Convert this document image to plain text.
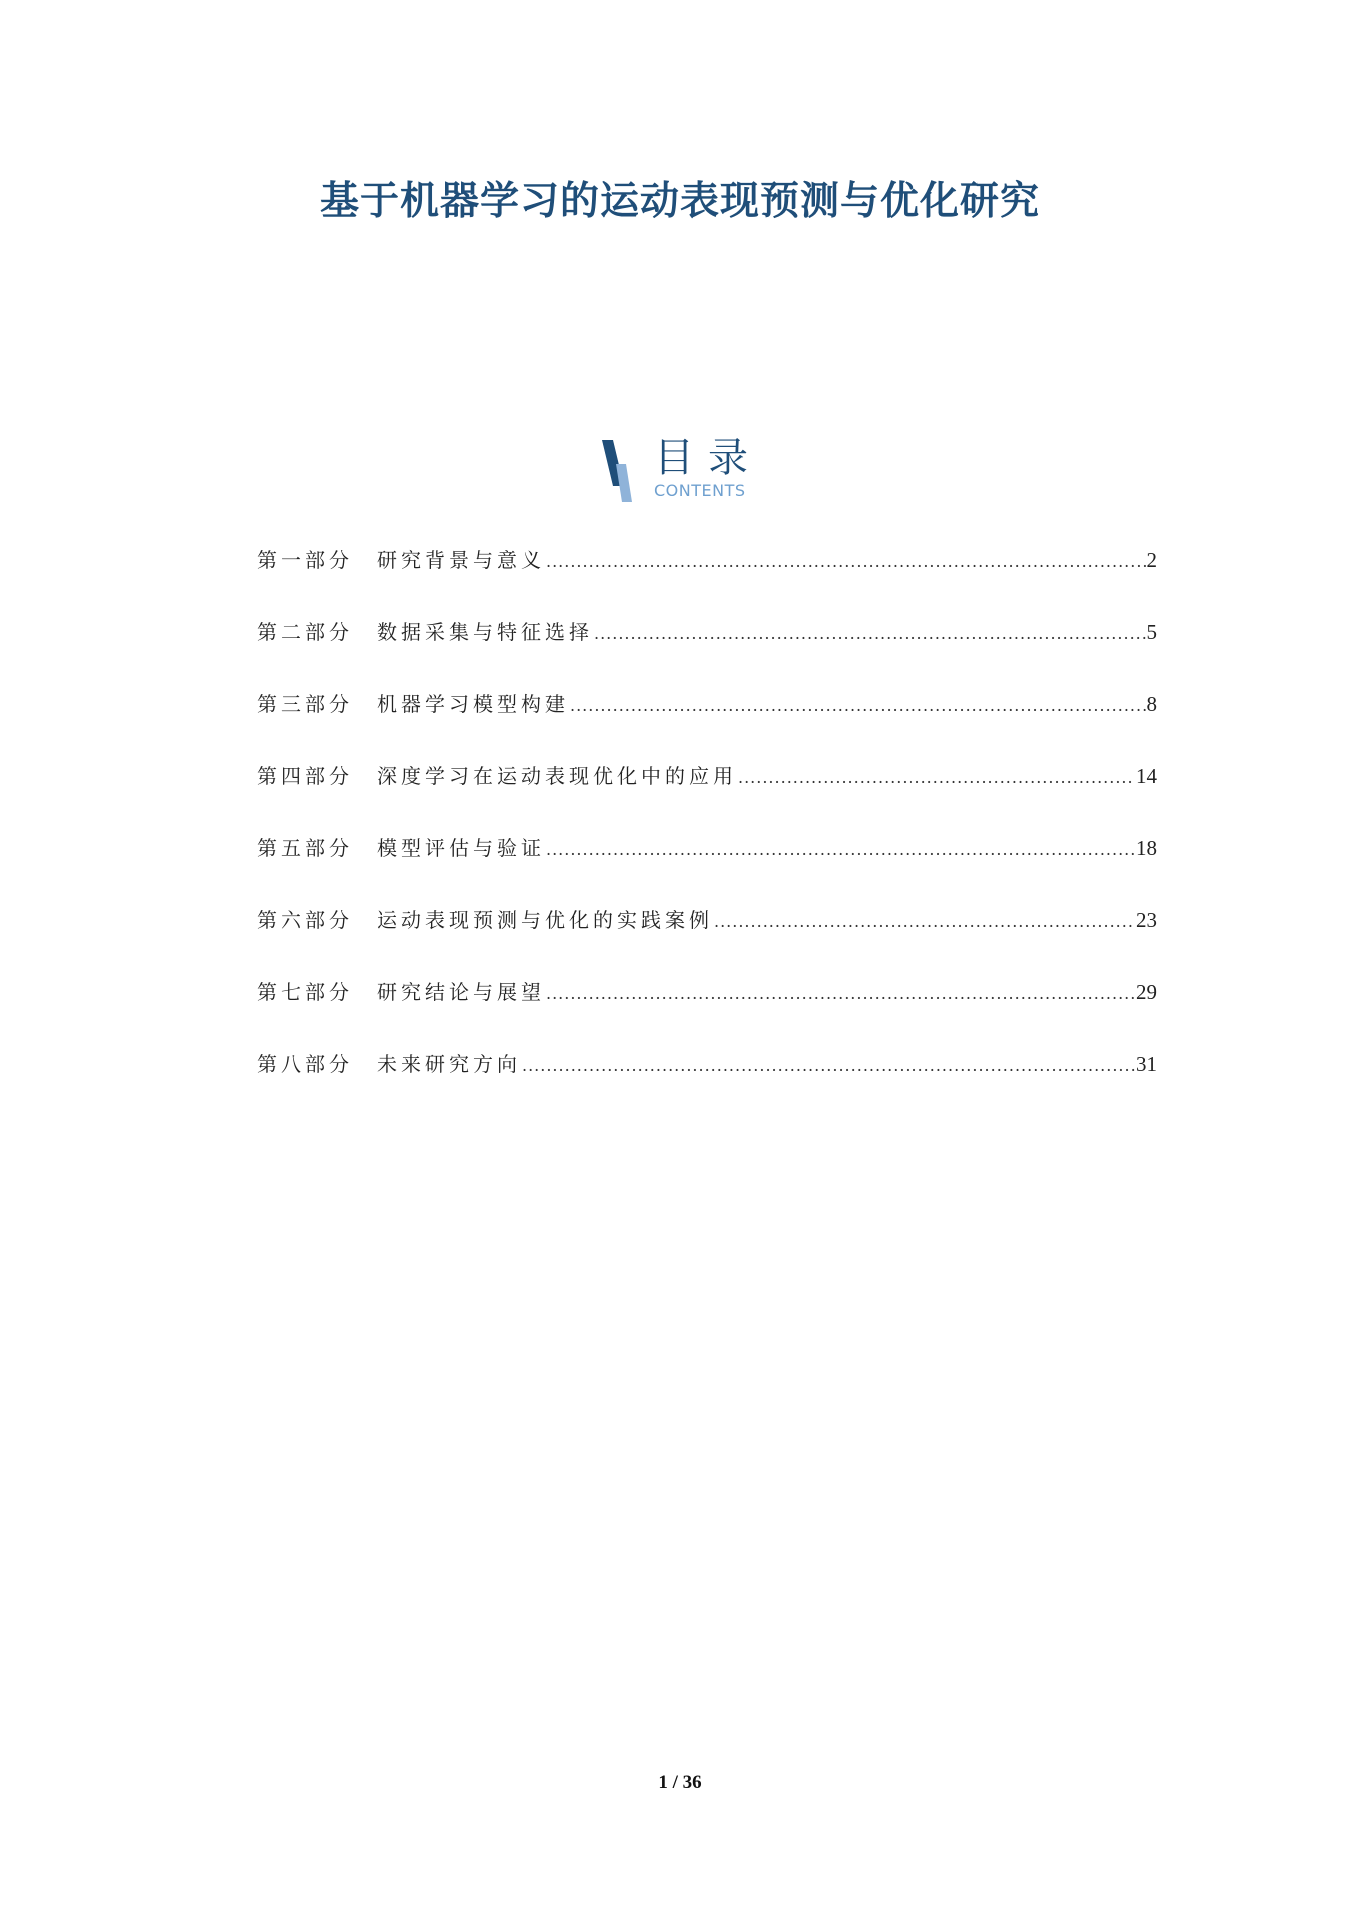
基于机器学习的运动表现预测与优化研究
目录
CONTENTS
第一部分	研究背景与意义 .....	2
第二部分	数据采集与特征选择 .....	5
第三部分	机器学习模型构建 .....	8
第四部分	深度学习在运动表现优化中的应用 .....	14
第五部分	模型评估与验证 .....	18
第六部分	运动表现预测与优化的实践案例 .....	23
第七部分	研究结论与展望 .....	29
第八部分	未来研究方向 .....	31
1 / 36
